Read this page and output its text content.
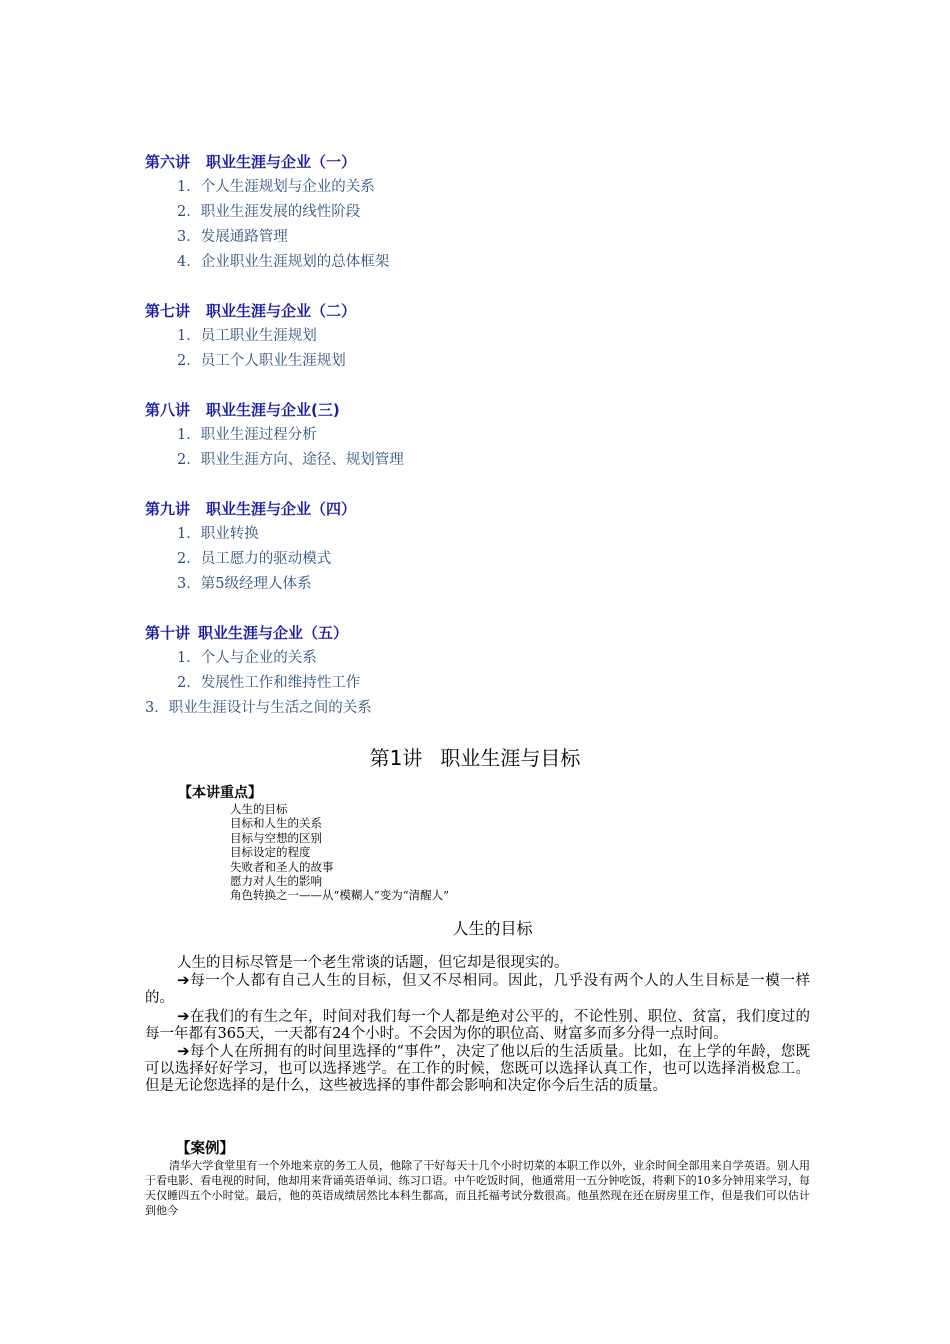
第六讲 职业生涯与企业（一）
1．个人生涯规划与企业的关系
2．职业生涯发展的线性阶段
3．发展通路管理
4．企业职业生涯规划的总体框架
第七讲 职业生涯与企业（二）
1．员工职业生涯规划
2．员工个人职业生涯规划
第八讲 职业生涯与企业(三)
1．职业生涯过程分析
2．职业生涯方向、途径、规划管理
第九讲 职业生涯与企业（四）
1．职业转换
2．员工愿力的驱动模式
3．第5级经理人体系
第十讲 职业生涯与企业（五）
1．个人与企业的关系
2．发展性工作和维持性工作
3．职业生涯设计与生活之间的关系
第1讲 职业生涯与目标
【本讲重点】
人生的目标
目标和人生的关系
目标与空想的区别
目标设定的程度
失败者和圣人的故事
愿力对人生的影响
角色转换之一——从“模糊人”变为“清醒人”
人生的目标
人生的目标尽管是一个老生常谈的话题，但它却是很现实的。
➔每一个人都有自己人生的目标，但又不尽相同。因此，几乎没有两个人的人生目标是一模一样的。
➔在我们的有生之年，时间对我们每一个人都是绝对公平的，不论性别、职位、贫富，我们度过的每一年都有365天，一天都有24个小时。不会因为你的职位高、财富多而多分得一点时间。
➔每个人在所拥有的时间里选择的“事件”，决定了他以后的生活质量。比如，在上学的年龄，您既可以选择好好学习，也可以选择逃学。在工作的时候，您既可以选择认真工作，也可以选择消极怠工。但是无论您选择的是什么，这些被选择的事件都会影响和决定你今后生活的质量。
【案例】
清华大学食堂里有一个外地来京的务工人员，他除了干好每天十几个小时切菜的本职工作以外，业余时间全部用来自学英语。别人用于看电影、看电视的时间，他却用来背诵英语单词、练习口语。中午吃饭时间，他通常用一五分钟吃饭，将剩下的10多分钟用来学习，每天仅睡四五个小时觉。最后，他的英语成绩居然比本科生都高，而且托福考试分数很高。他虽然现在还在厨房里工作，但是我们可以估计到他今
